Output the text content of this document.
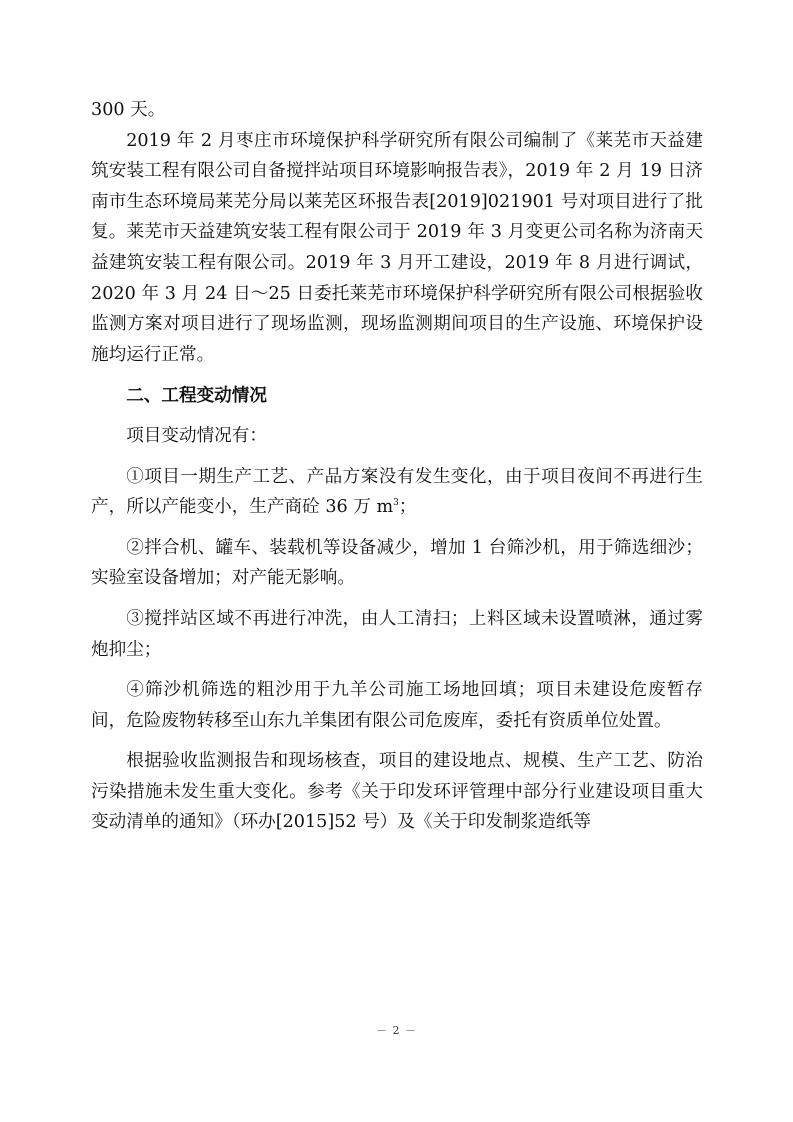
300 天。

2019 年 2 月枣庄市环境保护科学研究所有限公司编制了《莱芜市天益建筑安装工程有限公司自备搅拌站项目环境影响报告表》，2019 年 2 月 19 日济南市生态环境局莱芜分局以莱芜区环报告表[2019]021901 号对项目进行了批复。莱芜市天益建筑安装工程有限公司于 2019 年 3 月变更公司名称为济南天益建筑安装工程有限公司。2019 年 3 月开工建设，2019 年 8 月进行调试，2020 年 3 月 24 日～25 日委托莱芜市环境保护科学研究所有限公司根据验收监测方案对项目进行了现场监测，现场监测期间项目的生产设施、环境保护设施均运行正常。

二、工程变动情况

项目变动情况有：

①项目一期生产工艺、产品方案没有发生变化，由于项目夜间不再进行生产，所以产能变小，生产商砼 36 万 $m^3$；

②拌合机、罐车、装载机等设备减少，增加 1 台筛沙机，用于筛选细沙；实验室设备增加；对产能无影响。

③搅拌站区域不再进行冲洗，由人工清扫；上料区域未设置喷淋，通过雾炮抑尘；

④筛沙机筛选的粗沙用于九羊公司施工场地回填；项目未建设危废暂存间，危险废物转移至山东九羊集团有限公司危废库，委托有资质单位处置。

根据验收监测报告和现场核查，项目的建设地点、规模、生产工艺、防治污染措施未发生重大变化。参考《关于印发环评管理中部分行业建设项目重大变动清单的通知》（环办[2015]52 号）及《关于印发制浆造纸等

－ 2 －
